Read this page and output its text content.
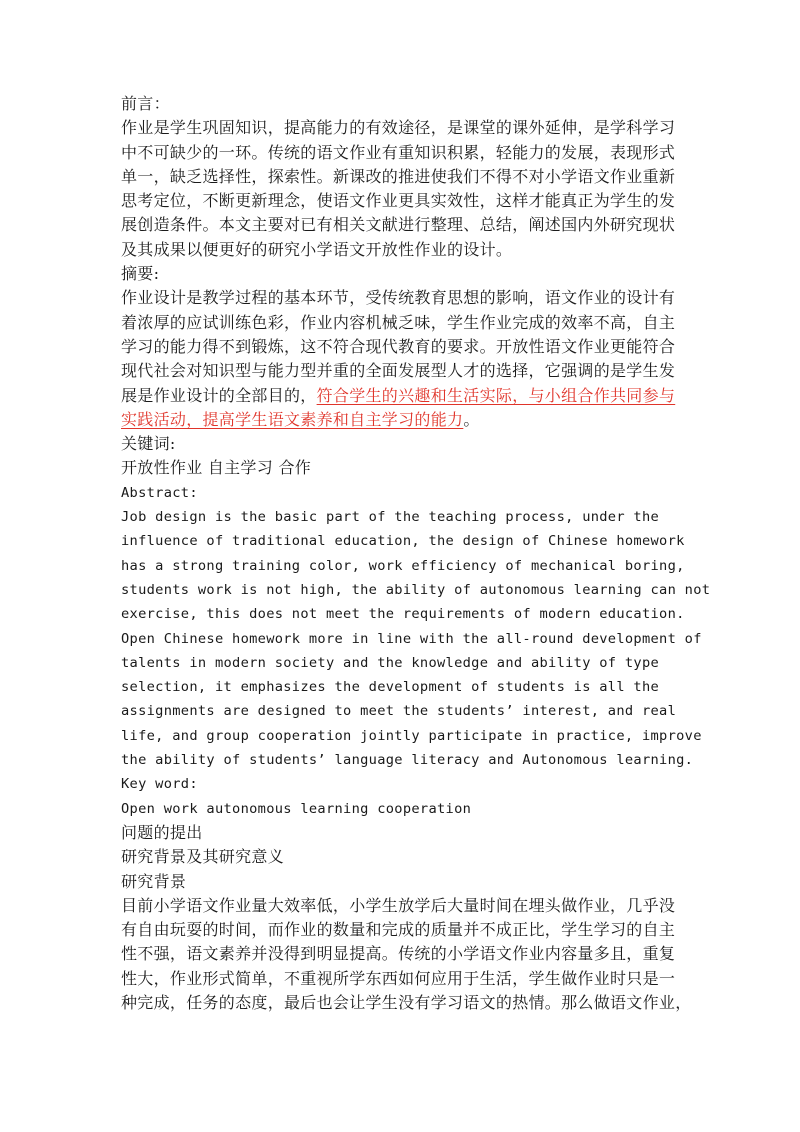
前言：
作业是学生巩固知识，提高能力的有效途径，是课堂的课外延伸，是学科学习
中不可缺少的一环。传统的语文作业有重知识积累，轻能力的发展，表现形式
单一，缺乏选择性，探索性。新课改的推进使我们不得不对小学语文作业重新
思考定位，不断更新理念，使语文作业更具实效性，这样才能真正为学生的发
展创造条件。本文主要对已有相关文献进行整理、总结，阐述国内外研究现状
及其成果以便更好的研究小学语文开放性作业的设计。
摘要:
作业设计是教学过程的基本环节，受传统教育思想的影响，语文作业的设计有
着浓厚的应试训练色彩，作业内容机械乏味，学生作业完成的效率不高，自主
学习的能力得不到锻炼，这不符合现代教育的要求。开放性语文作业更能符合
现代社会对知识型与能力型并重的全面发展型人才的选择，它强调的是学生发
展是作业设计的全部目的，符合学生的兴趣和生活实际，与小组合作共同参与
实践活动，提高学生语文素养和自主学习的能力。
关键词:
开放性作业 自主学习 合作
Abstract:
Job design is the basic part of the teaching process, under the
influence of traditional education, the design of Chinese homework
has a strong training color, work efficiency of mechanical boring,
students work is not high, the ability of autonomous learning can not
exercise, this does not meet the requirements of modern education.
Open Chinese homework more in line with the all-round development of
talents in modern society and the knowledge and ability of type
selection, it emphasizes the development of students is all the
assignments are designed to meet the students’ interest, and real
life, and group cooperation jointly participate in practice, improve
the ability of students’ language literacy and Autonomous learning.
Key word:
Open work autonomous learning cooperation
问题的提出
研究背景及其研究意义
研究背景
目前小学语文作业量大效率低，小学生放学后大量时间在埋头做作业，几乎没
有自由玩耍的时间，而作业的数量和完成的质量并不成正比，学生学习的自主
性不强，语文素养并没得到明显提高。传统的小学语文作业内容量多且，重复
性大，作业形式简单，不重视所学东西如何应用于生活，学生做作业时只是一
种完成，任务的态度，最后也会让学生没有学习语文的热情。那么做语文作业，
